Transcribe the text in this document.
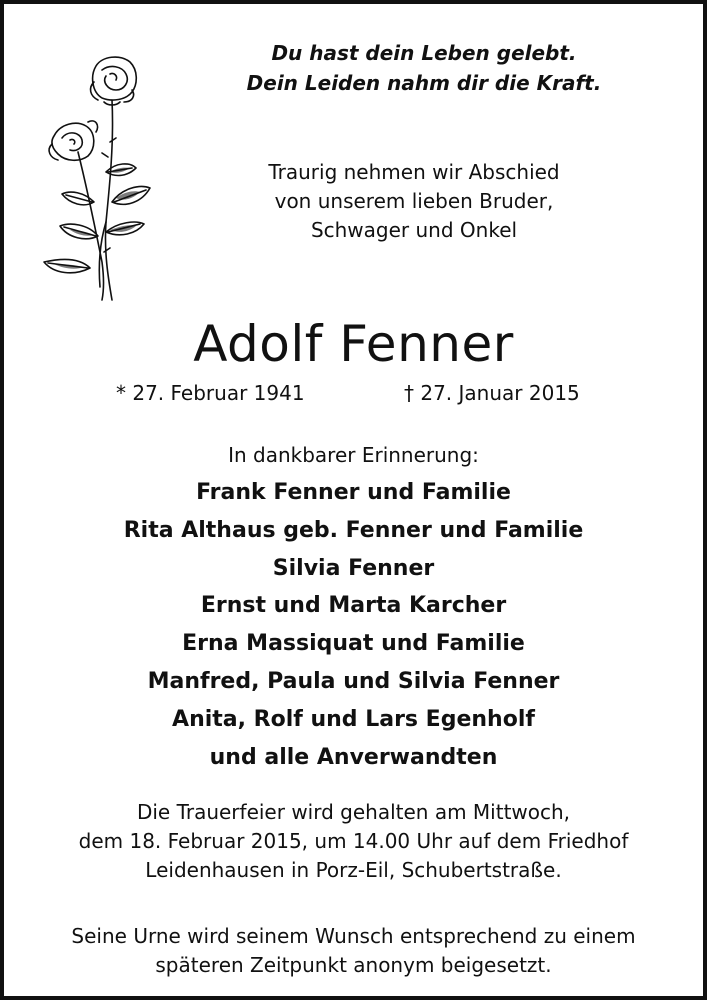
Du hast dein Leben gelebt.
Dein Leiden nahm dir die Kraft.
Traurig nehmen wir Abschied
von unserem lieben Bruder,
Schwager und Onkel
Adolf Fenner
* 27. Februar 1941	† 27. Januar 2015
In dankbarer Erinnerung:
Frank Fenner und Familie
Rita Althaus geb. Fenner und Familie
Silvia Fenner
Ernst und Marta Karcher
Erna Massiquat und Familie
Manfred, Paula und Silvia Fenner
Anita, Rolf und Lars Egenholf
und alle Anverwandten
Die Trauerfeier wird gehalten am Mittwoch,
dem 18. Februar 2015, um 14.00 Uhr auf dem Friedhof
Leidenhausen in Porz-Eil, Schubertstraße.
Seine Urne wird seinem Wunsch entsprechend zu einem
späteren Zeitpunkt anonym beigesetzt.
